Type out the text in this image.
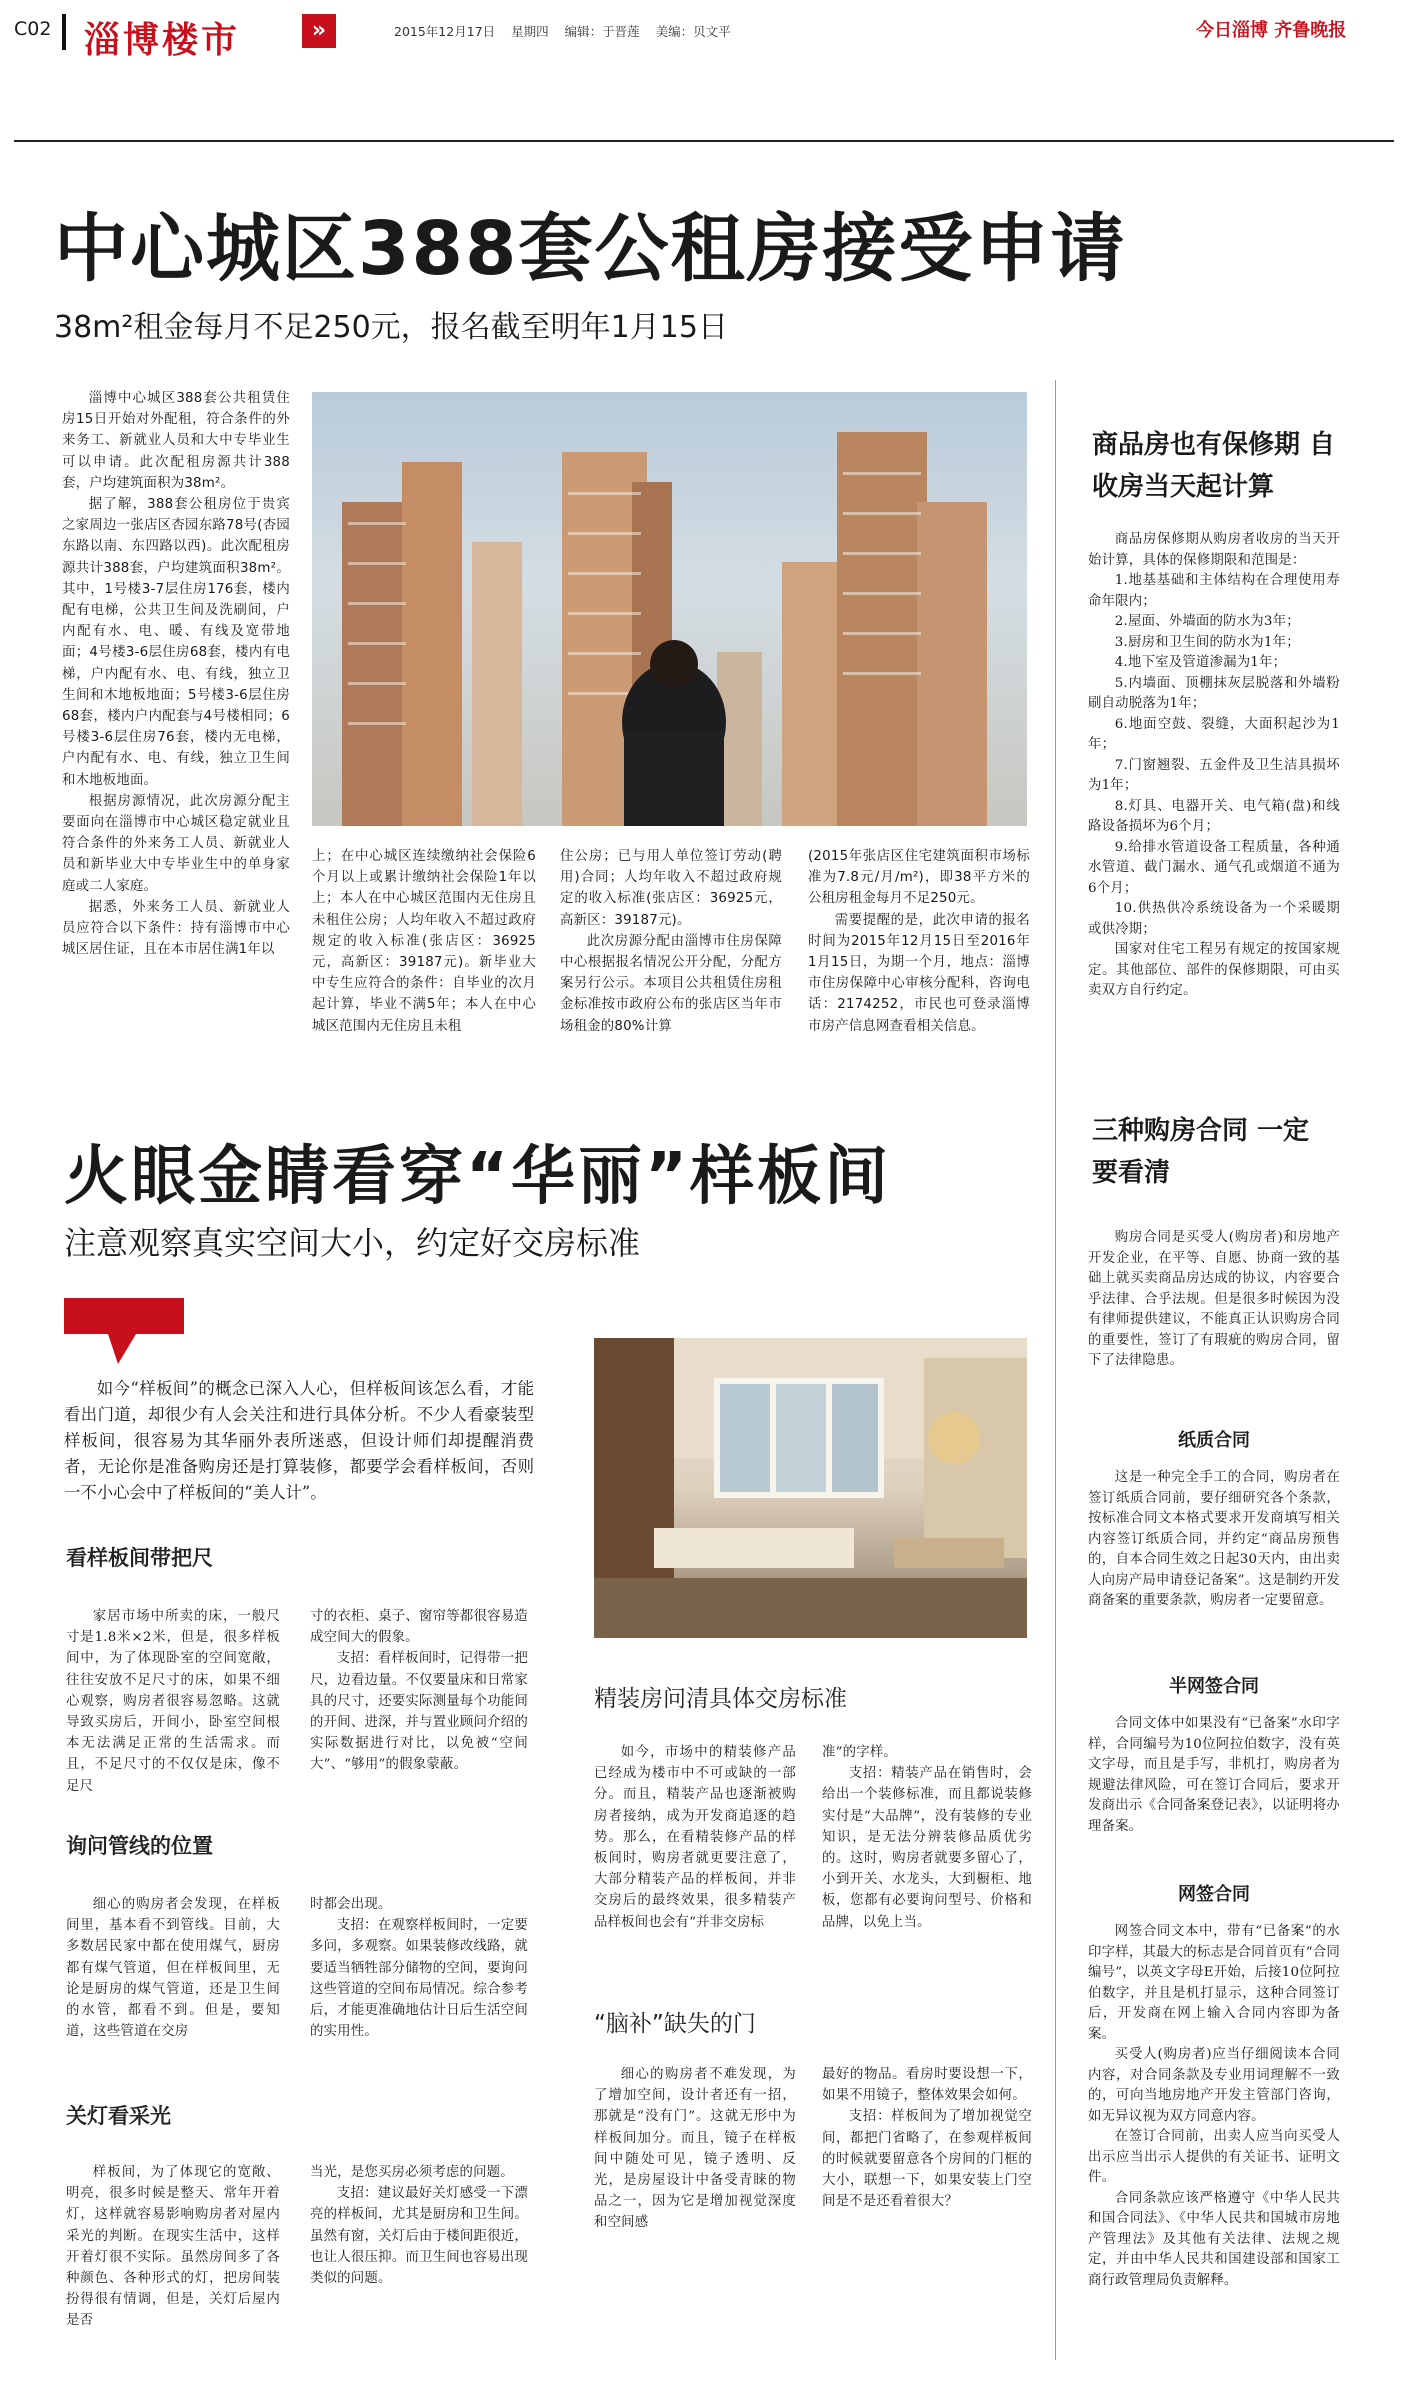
C02 淄博楼市	»	2015年12月17日 星期四 编辑：于晋莲 美编：贝文平	今日淄博 齐鲁晚报
中心城区388套公租房接受申请
38m²租金每月不足250元，报名截至明年1月15日

淄博中心城区388套公共租赁住房15日开始对外配租，符合条件的外来务工、新就业人员和大中专毕业生可以申请。此次配租房源共计388套，户均建筑面积为38m²。

据了解，388套公租房位于贵宾之家周边一张店区杏园东路78号(杏园东路以南、东四路以西)。此次配租房源共计388套，户均建筑面积38m²。其中，1号楼3-7层住房176套，楼内配有电梯，公共卫生间及洗刷间，户内配有水、电、暖、有线及宽带地面；4号楼3-6层住房68套，楼内有电梯，户内配有水、电、有线，独立卫生间和木地板地面；5号楼3-6层住房68套，楼内户内配套与4号楼相同；6号楼3-6层住房76套，楼内无电梯，户内配有水、电、有线，独立卫生间和木地板地面。

根据房源情况，此次房源分配主要面向在淄博市中心城区稳定就业且符合条件的外来务工人员、新就业人员和新毕业大中专毕业生中的单身家庭或二人家庭。

据悉，外来务工人员、新就业人员应符合以下条件：持有淄博市中心城区居住证，且在本市居住满1年以

上；在中心城区连续缴纳社会保险6个月以上或累计缴纳社会保险1年以上；本人在中心城区范围内无住房且未租住公房；人均年收入不超过政府规定的收入标准(张店区：36925元，高新区：39187元)。新毕业大中专生应符合的条件：自毕业的次月起计算，毕业不满5年；本人在中心城区范围内无住房且未租

住公房；已与用人单位签订劳动(聘用)合同；人均年收入不超过政府规定的收入标准(张店区：36925元，高新区：39187元)。

此次房源分配由淄博市住房保障中心根据报名情况公开分配，分配方案另行公示。本项目公共租赁住房租金标准按市政府公布的张店区当年市场租金的80%计算

(2015年张店区住宅建筑面积市场标准为7.8元/月/m²)，即38平方米的公租房租金每月不足250元。

需要提醒的是，此次申请的报名时间为2015年12月15日至2016年1月15日，为期一个月，地点：淄博市住房保障中心审核分配科，咨询电话：2174252，市民也可登录淄博市房产信息网查看相关信息。

商品房也有保修期 自收房当天起计算

商品房保修期从购房者收房的当天开始计算，具体的保修期限和范围是：

1.地基基础和主体结构在合理使用寿命年限内；

2.屋面、外墙面的防水为3年；

3.厨房和卫生间的防水为1年；

4.地下室及管道渗漏为1年；

5.内墙面、顶棚抹灰层脱落和外墙粉刷自动脱落为1年；

6.地面空鼓、裂缝，大面积起沙为1年；

7.门窗翘裂、五金件及卫生洁具损坏为1年；

8.灯具、电器开关、电气箱(盘)和线路设备损坏为6个月；

9.给排水管道设备工程质量，各种通水管道、截门漏水、通气孔或烟道不通为6个月；

10.供热供冷系统设备为一个采暖期或供冷期；

国家对住宅工程另有规定的按国家规定。其他部位、部件的保修期限，可由买卖双方自行约定。

火眼金睛看穿“华丽”样板间
注意观察真实空间大小，约定好交房标准

如今“样板间”的概念已深入人心，但样板间该怎么看，才能看出门道，却很少有人会关注和进行具体分析。不少人看豪装型样板间，很容易为其华丽外表所迷惑，但设计师们却提醒消费者，无论你是准备购房还是打算装修，都要学会看样板间，否则一不小心会中了样板间的“美人计”。

看样板间带把尺

家居市场中所卖的床，一般尺寸是1.8米×2米，但是，很多样板间中，为了体现卧室的空间宽敞，往往安放不足尺寸的床，如果不细心观察，购房者很容易忽略。这就导致买房后，开间小，卧室空间根本无法满足正常的生活需求。而且，不足尺寸的不仅仅是床，像不足尺

寸的衣柜、桌子、窗帘等都很容易造成空间大的假象。

支招：看样板间时，记得带一把尺，边看边量。不仅要量床和日常家具的尺寸，还要实际测量每个功能间的开间、进深，并与置业顾问介绍的实际数据进行对比，以免被“空间大”、“够用”的假象蒙蔽。

询问管线的位置

细心的购房者会发现，在样板间里，基本看不到管线。目前，大多数居民家中都在使用煤气，厨房都有煤气管道，但在样板间里，无论是厨房的煤气管道，还是卫生间的水管，都看不到。但是，要知道，这些管道在交房

时都会出现。

支招：在观察样板间时，一定要多问，多观察。如果装修改线路，就要适当牺牲部分储物的空间，要询问这些管道的空间布局情况。综合参考后，才能更准确地估计日后生活空间的实用性。

关灯看采光

样板间，为了体现它的宽敞、明亮，很多时候是整天、常年开着灯，这样就容易影响购房者对屋内采光的判断。在现实生活中，这样开着灯很不实际。虽然房间多了各种颜色、各种形式的灯，把房间装扮得很有情调，但是，关灯后屋内是否

当光，是您买房必须考虑的问题。

支招：建议最好关灯感受一下漂亮的样板间，尤其是厨房和卫生间。虽然有窗，关灯后由于楼间距很近，也让人很压抑。而卫生间也容易出现类似的问题。

精装房问清具体交房标准

如今，市场中的精装修产品已经成为楼市中不可或缺的一部分。而且，精装产品也逐渐被购房者接纳，成为开发商追逐的趋势。那么，在看精装修产品的样板间时，购房者就更要注意了，大部分精装产品的样板间，并非交房后的最终效果，很多精装产品样板间也会有“并非交房标

准”的字样。

支招：精装产品在销售时，会给出一个装修标准，而且都说装修实付是“大品牌”，没有装修的专业知识，是无法分辨装修品质优劣的。这时，购房者就要多留心了，小到开关、水龙头，大到橱柜、地板，您都有必要询问型号、价格和品牌，以免上当。

“脑补”缺失的门

细心的购房者不难发现，为了增加空间，设计者还有一招，那就是“没有门”。这就无形中为样板间加分。而且，镜子在样板间中随处可见，镜子透明、反光，是房屋设计中备受青睐的物品之一，因为它是增加视觉深度和空间感

最好的物品。看房时要设想一下，如果不用镜子，整体效果会如何。

支招：样板间为了增加视觉空间，都把门省略了，在参观样板间的时候就要留意各个房间的门框的大小，联想一下，如果安装上门空间是不是还看着很大？

三种购房合同 一定要看清

购房合同是买受人(购房者)和房地产开发企业，在平等、自愿、协商一致的基础上就买卖商品房达成的协议，内容要合乎法律、合乎法规。但是很多时候因为没有律师提供建议，不能真正认识购房合同的重要性，签订了有瑕疵的购房合同，留下了法律隐患。

纸质合同

这是一种完全手工的合同，购房者在签订纸质合同前，要仔细研究各个条款，按标准合同文本格式要求开发商填写相关内容签订纸质合同，并约定“商品房预售的，自本合同生效之日起30天内，由出卖人向房产局申请登记备案”。这是制约开发商备案的重要条款，购房者一定要留意。

半网签合同

合同文体中如果没有“已备案”水印字样，合同编号为10位阿拉伯数字，没有英文字母，而且是手写，非机打，购房者为规避法律风险，可在签订合同后，要求开发商出示《合同备案登记表》，以证明将办理备案。

网签合同

网签合同文本中，带有“已备案”的水印字样，其最大的标志是合同首页有“合同编号”，以英文字母E开始，后接10位阿拉伯数字，并且是机打显示，这种合同签订后，开发商在网上输入合同内容即为备案。

买受人(购房者)应当仔细阅读本合同内容，对合同条款及专业用词理解不一致的，可向当地房地产开发主管部门咨询，如无异议视为双方同意内容。

在签订合同前，出卖人应当向买受人出示应当出示人提供的有关证书、证明文件。

合同条款应该严格遵守《中华人民共和国合同法》、《中华人民共和国城市房地产管理法》及其他有关法律、法规之规定，并由中华人民共和国建设部和国家工商行政管理局负责解释。
